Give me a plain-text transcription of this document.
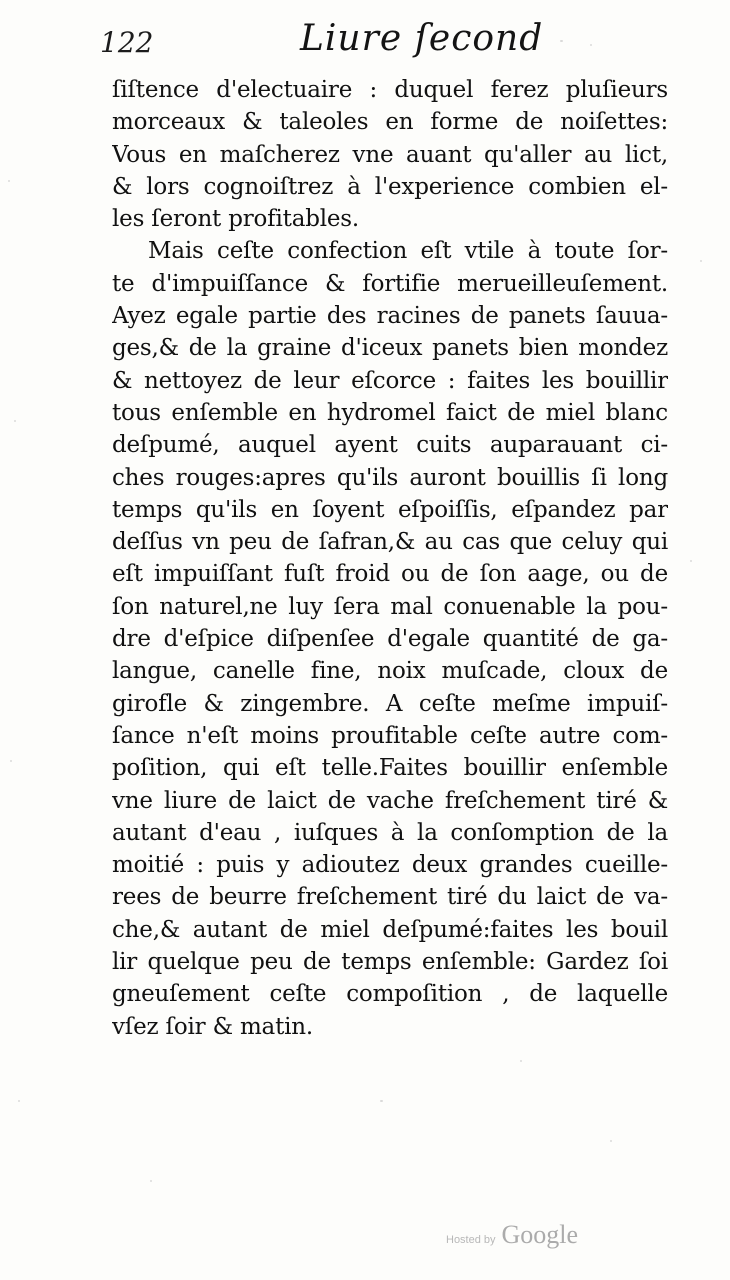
122	Liure ſecond
ſiſtence d'electuaire : duquel ferez pluſieurs
morceaux & taleoles en forme de noiſettes:
Vous en maſcherez vne auant qu'aller au lict,
& lors cognoiſtrez à l'experience combien el-
les ſeront profitables.
Mais ceſte confection eſt vtile à toute ſor-
te d'impuiſſance & fortifie merueilleuſement.
Ayez egale partie des racines de panets ſauua-
ges,& de la graine d'iceux panets bien mondez
& nettoyez de leur eſcorce : faites les bouillir
tous enſemble en hydromel faict de miel blanc
deſpumé, auquel ayent cuits auparauant ci-
ches rouges:apres qu'ils auront bouillis ſi long
temps qu'ils en ſoyent eſpoiſſis, eſpandez par
deſſus vn peu de ſafran,& au cas que celuy qui
eſt impuiſſant fuſt froid ou de ſon aage, ou de
ſon naturel,ne luy ſera mal conuenable la pou-
dre d'eſpice diſpenſee d'egale quantité de ga-
langue, canelle fine, noix muſcade, cloux de
girofle & zingembre. A ceſte meſme impuiſ-
ſance n'eſt moins proufitable ceſte autre com-
poſition, qui eſt telle.Faites bouillir enſemble
vne liure de laict de vache freſchement tiré &
autant d'eau , iuſques à la conſomption de la
moitié : puis y adioutez deux grandes cueille-
rees de beurre freſchement tiré du laict de va-
che,& autant de miel deſpumé:faites les bouil
lir quelque peu de temps enſemble: Gardez ſoi
gneuſement ceſte compoſition , de laquelle
vſez ſoir & matin.
Hosted by Google
